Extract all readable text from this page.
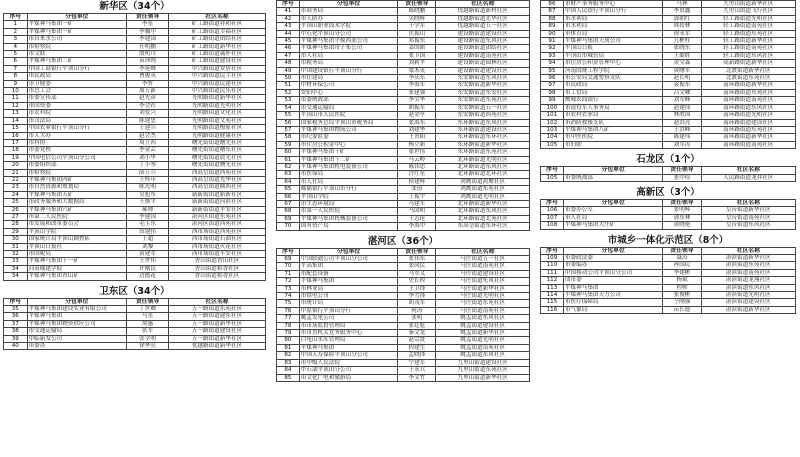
新华区（34个）
序号	分包单位	责任领导	社区名称
1	平煤神马集团一矿	李星	矿工路街道祥和社区
2	平煤神马集团一矿	李骥中	矿工路街道幸福社区
3	市自来水公司	李建国	矿工路街道团结社区
4	市检察院	任明鹏	矿工路街道新华社区
5	市文联	殷明川	矿工路街道诚朴社区
6	平煤神马集团二矿	苗沛纯	矿工路街道建设社区
7	中国工商银行平顶山分行	李延峰	中兴路街道安居社区
8	市民政局	曹俊英	中兴路街道民主社区
9	市卫健委	李哲	中兴路街道民建社区
10	市总工会	周万新	中兴路街道民乐社区
11	市委宣传部	赵先彦	光明路街道新华社区
12	市国资委	李会社	光明路街道光明社区
13	市农科院	刘爱兴	光明路街道文化社区
14	市司法局	陈建忠	光明路街道文苑社区
15	中国农业银行平顶山分行	王建兵	光明路街道燎原社区
16	市人大办	赵会杰	光明路街道健康社区
17	市科协	周立西	曙光街街道曙光社区
18	市委党校	李金芸	曙光街街道曙东社区
19	中国电信公司平顶山分公司	刘小华	曙光街街道晨光社区
20	市委组织部	丁小琴	曙光街街道曙光社区
21	市检察院	薛万兵	西高皇街道西苑社区
22	平煤神马集团四矿	王怀年	西高皇街道光华社区
23	市自然资源和规划局	陈光明	西高皇街道城西社区
24	平煤神马集团五矿	吴旭东	新新街街道新新社区
25	市政务服务和大数据局	王焕平	新新街街道河滨社区
26	平煤神马集团六矿	郝帅	新新街街道平安社区
27	市第二人民医院	李建国	湛河区街道东苑社区
28	市发展和改革委员会	毛玉东	湛河区街道西苑社区
29	平顶山学院	田建伟	西市场街道西苑社区
30	国家统计局平顶山调查队	王超	西市场街道石油社区
31	平顶山日报社	刘黎	西市场街道火花社区
32	市国税局	黄建军	西市场街道平安社区
33	平煤神马集团十一矿	王世伟	香山街道香山社区
34	河南城建学院	许刚民	香山街道稻香社区
34	平煤神马集团香山矿	边德花	香山街道稻香社区
卫东区（34个）
序号	分包单位	责任领导	社区名称
35	平煤神马集团建设实业有限公司	丁世卿	五一路街道东苑社区
36	平煤神马集团	马星	五一路街道建东社区
37	平煤神马集团物资供应公司	胡惠	五一路街道新华社区
38	市交通运输局	张军	五一路街道建设社区
39	中临新发公司	张学明	五一路街道新华社区
40	市委办	徐华亮	优越路街道新华社区
序号	分包单位	责任领导	社区名称
41	市商务局	陈晓鹏	优越路街道新村社区
42	市人防办	吴晓辉	优越路街道光华社区
43	平顶山职业技术学院	于学军	优越路街道五一社区
44	中石化平顶山分公司	匡振山	建设路街道建设社区
45	平煤神马集团平煤西部公司	邓振东	建设路街道东风社区
46	平煤神马集团帘子布公司	姜国旗	建设路街道团结社区
47	市人社局	张卫国	建设路街道南苑社区
48	市税务局	刘莉平	建设路街道园林社区
49	中国建设银行平顶山分行	梁木英	建设路街道建设社区
50	市住建局	李庆东	东安路街道东风社区
51	中材环保公司	李海军	东安路街道新华社区
52	安阳中心	张建强	东安路街道东安社区
53	市委统战部	李宝华	东安路街道东苑社区
54	市交通运输局	胡振军	东安路街道五一社区
55	平顶山市人民医院	赵金亭	东安路街道西苑社区
56	国家税务总局平顶山市税务局	张海东	东环路街道东风社区
57	平煤神马集团物流公司	刘建华	东环路街道建设社区
58	市纪委监委	王贵阳	东环路街道东环社区
59	市住房公积金中心	杨立新	东环路街道新华社区
60	平煤神马集团十矿	张世伟	东环路街道东苑社区
61	平煤神马集团十二矿	马云岭	北环路街道光明社区
62	平煤神马集团机电装备公司	陈伟忠	北环路街道东风社区
63	市医保局	许红星	北环路街道北环社区
64	市人社局	侯建辉	鸿鹰街道鸿鹰社区
65	邮储银行平顶山市分行	张俭	鸿鹰街道东苑社区
66	平顶山学院	王振宇	鸿鹰街道光明社区
67	市生态环境局	马建军	北环路街道新华社区
68	市第一人民医院	马国明	北环路街道东风社区
69	平煤神马集团机械装备公司	王志伦	北环路街道北苑社区
70	国有资产局	李海中	东高皇街道东环社区
湛河区（36个）
序号	分包单位	责任领导	社区名称
69	中国联通公司平顶山分公司	张伟东	马庄街道五一社区
70	平高集团	张同民	马庄街道南苑社区
71	市配套设备	马军义	马庄街道建设社区
72	平煤神马集团	史长程	马庄街道东风社区
73	市林业局	王卫锋	马庄街道新华社区
74	市供电公司	李雪锋	马庄街道光明社区
75	市统计局	胡茂军	马庄街道东苑社区
76	中原银行平顶山分行	何涛	马庄街道南苑社区
77	姚孟发电公司	张明	姚孟街道东风社区
78	市市场监督管理局	张廷乾	姚孟街道建设社区
79	市市直机关党务服务中心	秦文龙	姚孟街道新华社区
80	白龟山水库管理局	赵宗贤	姚孟街道光明社区
81	平煤神马集团	程建生	姚孟街道南苑社区
82	中国人寿保险平顶山分公司	孟晓锋	姚孟街道东风社区
83	市中级人民法院	宁建军	九里山街道建设社区
84	中石油平顶山分公司	王永兵	九里山街道东苑社区
85	市文化广电和旅游局	李文竹	九里山街道新华社区
86	市财产事务服务中心	马林	九里山街道新华社区
87	中国人民银行平顶山分行	李晨鑫	九里山街道飞行社区
88	市水利局	郭朝红	轻工路街道光明社区
89	市水利局	韩传林	轻工路街道南苑社区
90	市体育局	徐永军	轻工路街道东苑社区
91	平煤神马集团天成公司	亢彬柱	轻工路街道新华社区
92	平顶山日报	张晓东	轻工路街道南苑社区
93	平顶山市城管局	王聪胜	轻工路街道东风社区
94	市住房公积金管理中心	黄宝森	高新路街道新华社区
95	河南国规工程学院	黄曙军	北渡街道新华社区
96	市公安局交通警察支队	赵长明	北渡街道东苑社区
97	市民政局	袁振东	南环路街道新华社区
98	市工信局	吕文卿	南环路街道东苑社区
99	鹰城农商银行	刘军峰	南环路街道南苑社区
100	市退役军人事务局	赵建伟	南环路街道东风社区
101	市农村农业局	林胜国	南环路街道光明社区
102	市消防救援支队	赵洪亮	南环路街道建设社区
103	平煤神马集团八矿	王洪峰	南环路街道东苑社区
104	市中医医院	陈建伟	南环路街道新华社区
105	市妇联	刘军涛	南环路街道南苑社区
石龙区（1个）
序号	分包单位	责任领导	社区名称
105	市委统战部	张中俭	人民路街道龙祥社区
高新区（3个）
序号	分包单位	责任领导	社区名称
106	市委办公室	张明辉	皇台街道新华社区
107	市人社局	郭东林	皇台街道南苑社区
108	平煤神马集团大庄矿	黄晓艳	皇台街道东风社区
市城乡一体化示范区（8个）
序号	分包单位	责任领导	社区名称
109	市委政法委	聂涛	湛滨街道新华社区
110	市委编办	孙国民	湛滨街道东苑社区
111	中国移动公司平顶山分公司	李建彬	湛滨街道南苑社区
112	团市委	杨斌	湛滨街道龙翔社区
113	平煤神马集团	程帅	湛滨街道东风社区
114	平煤神马集团天力公司	张俊彬	湛滨街道光明社区
115	市医疗保障局	仝刚强	湛滨街道建设社区
116	市气象局	苗长德	湛滨街道新华社区
